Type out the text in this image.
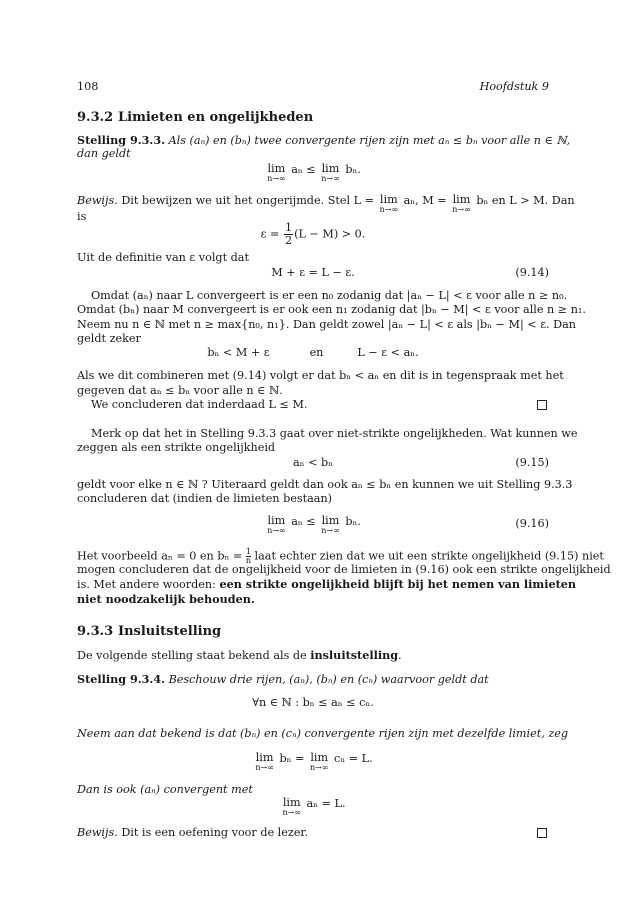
108	Hoofdstuk 9
9.3.2 Limieten en ongelijkheden
Stelling 9.3.3. Als (aₙ) en (bₙ) twee convergente rijen zijn met aₙ ≤ bₙ voor alle n ∈ ℕ,
dan geldt
lim
n→∞
aₙ ≤ lim
n→∞
bₙ.
Bewijs. Dit bewijzen we uit het ongerijmde. Stel L = lim
n→∞
aₙ, M = lim
n→∞
bₙ en L > M. Dan
is
$\varepsilon = \frac{1}{2} (L - M) > 0$.
Uit de definitie van ε volgt dat
M + ε = L − ε.	(9.14)
Omdat (aₙ) naar L convergeert is er een n₀ zodanig dat |aₙ − L| < ε voor alle n ≥ n₀.
Omdat (bₙ) naar M convergeert is er ook een n₁ zodanig dat |bₙ − M| < ε voor alle n ≥ n₁.
Neem nu n ∈ ℕ met n ≥ max{n₀, n₁}. Dan geldt zowel |aₙ − L| < ε als |bₙ − M| < ε. Dan
geldt zeker
bₙ < M + ε	en	L − ε < aₙ.
Als we dit combineren met (9.14) volgt er dat bₙ < aₙ en dit is in tegenspraak met het
gegeven dat aₙ ≤ bₙ voor alle n ∈ ℕ.
We concluderen dat inderdaad L ≤ M.
Merk op dat het in Stelling 9.3.3 gaat over niet-strikte ongelijkheden. Wat kunnen we
zeggen als een strikte ongelijkheid
aₙ < bₙ	(9.15)
geldt voor elke n ∈ ℕ ? Uiteraard geldt dan ook aₙ ≤ bₙ en kunnen we uit Stelling 9.3.3
concluderen dat (indien de limieten bestaan)
lim
n→∞
aₙ ≤ lim
n→∞
bₙ.	(9.16)
Het voorbeeld aₙ = 0 en $b_n = \frac{1}{n}$ laat echter zien dat we uit een strikte ongelijkheid (9.15) niet
mogen concluderen dat de ongelijkheid voor de limieten in (9.16) ook een strikte ongelijkheid
is. Met andere woorden: een strikte ongelijkheid blijft bij het nemen van limieten
niet noodzakelijk behouden.
9.3.3 Insluitstelling
De volgende stelling staat bekend als de insluitstelling.
Stelling 9.3.4. Beschouw drie rijen, (aₙ), (bₙ) en (cₙ) waarvoor geldt dat
∀n ∈ ℕ : bₙ ≤ aₙ ≤ cₙ.
Neem aan dat bekend is dat (bₙ) en (cₙ) convergente rijen zijn met dezelfde limiet, zeg
lim
n→∞
bₙ = lim
n→∞
cₙ = L.
Dan is ook (aₙ) convergent met
lim
n→∞
aₙ = L.
Bewijs. Dit is een oefening voor de lezer.
